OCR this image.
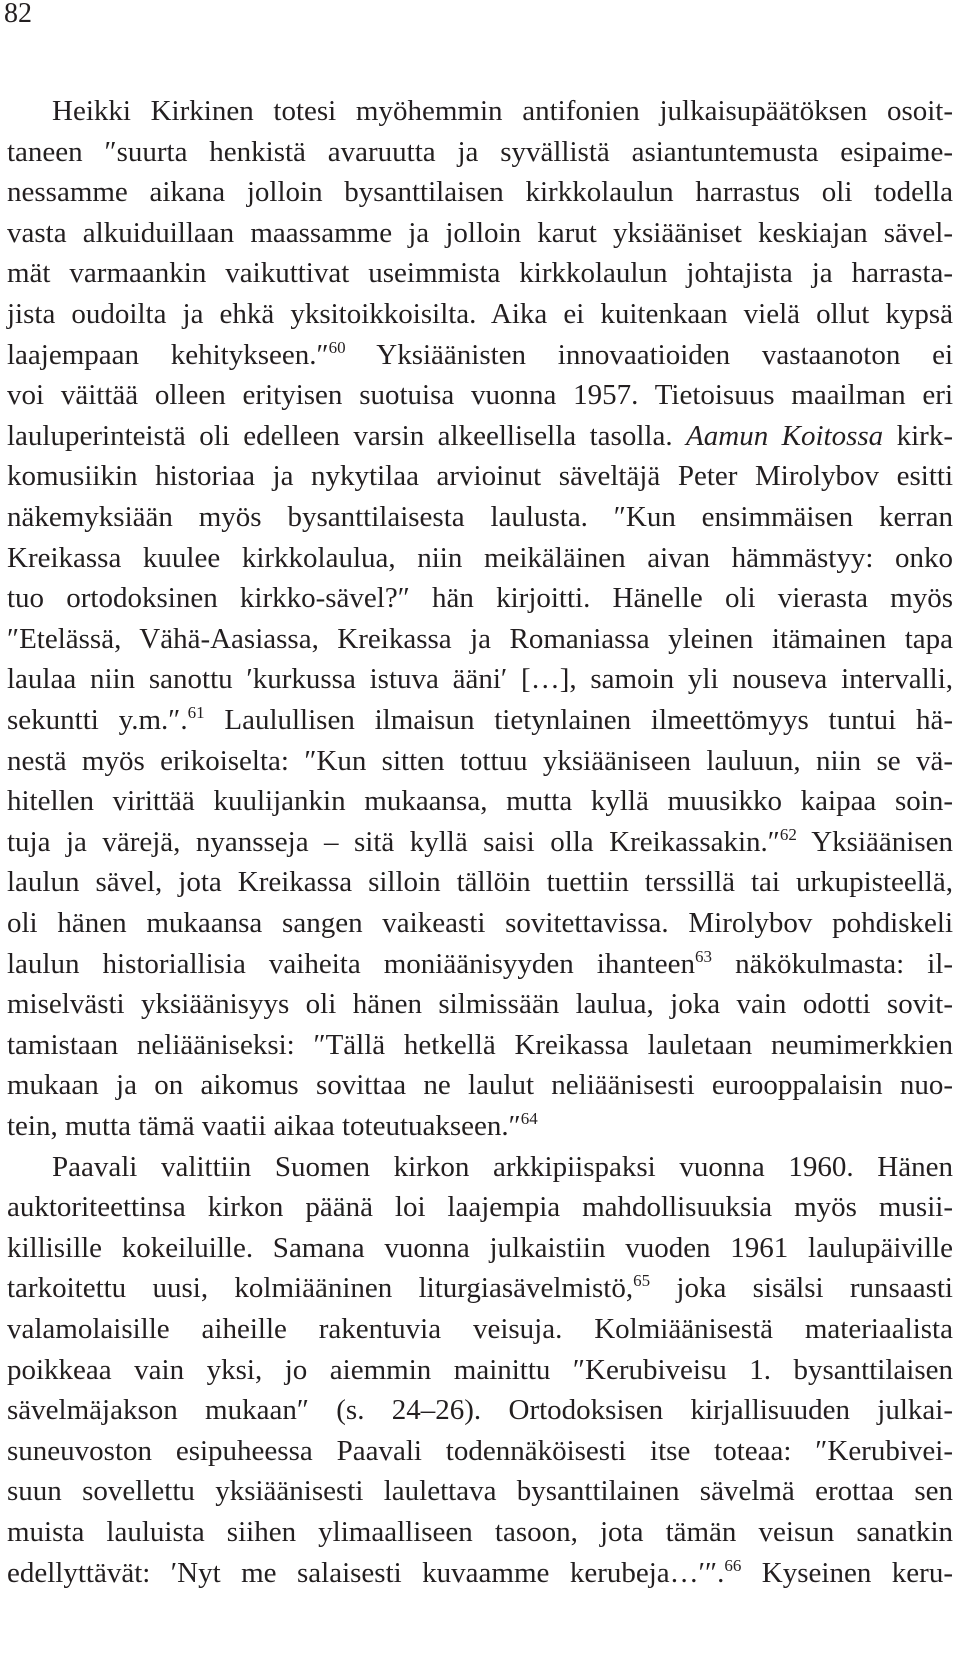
82
Heikki Kirkinen totesi myöhemmin antifonien julkaisupäätöksen osoit-
taneen ″suurta henkistä avaruutta ja syvällistä asiantuntemusta esipaime-
nessamme aikana jolloin bysanttilaisen kirkkolaulun harrastus oli todella
vasta alkuiduillaan maassamme ja jolloin karut yksiääniset keskiajan sävel-
mät varmaankin vaikuttivat useimmista kirkkolaulun johtajista ja harrasta-
jista oudoilta ja ehkä yksitoikkoisilta. Aika ei kuitenkaan vielä ollut kypsä
laajempaan kehitykseen.″$^{60}$ Yksiäänisten innovaatioiden vastaanoton ei
voi väittää olleen erityisen suotuisa vuonna 1957. Tietoisuus maailman eri
lauluperinteistä oli edelleen varsin alkeellisella tasolla. Aamun Koitossa kirk-
komusiikin historiaa ja nykytilaa arvioinut säveltäjä Peter Mirolybov esitti
näkemyksiään myös bysanttilaisesta laulusta. ″Kun ensimmäisen kerran
Kreikassa kuulee kirkkolaulua, niin meikäläinen aivan hämmästyy: onko
tuo ortodoksinen kirkko-sävel?″ hän kirjoitti. Hänelle oli vierasta myös
″Etelässä, Vähä-Aasiassa, Kreikassa ja Romaniassa yleinen itämainen tapa
laulaa niin sanottu ′kurkussa istuva ääni′ […], samoin yli nouseva intervalli,
sekuntti y.m.″.$^{61}$ Laulullisen ilmaisun tietynlainen ilmeettömyys tuntui hä-
nestä myös erikoiselta: ″Kun sitten tottuu yksiääniseen lauluun, niin se vä-
hitellen virittää kuulijankin mukaansa, mutta kyllä muusikko kaipaa soin-
tuja ja värejä, nyansseja – sitä kyllä saisi olla Kreikassakin.″$^{62}$ Yksiäänisen
laulun sävel, jota Kreikassa silloin tällöin tuettiin terssillä tai urkupisteellä,
oli hänen mukaansa sangen vaikeasti sovitettavissa. Mirolybov pohdiskeli
laulun historiallisia vaiheita moniäänisyyden ihanteen$^{63}$ näkökulmasta: il-
miselvästi yksiäänisyys oli hänen silmissään laulua, joka vain odotti sovit-
tamistaan neliääniseksi: ″Tällä hetkellä Kreikassa lauletaan neumimerkkien
mukaan ja on aikomus sovittaa ne laulut neliäänisesti eurooppalaisin nuo-
tein, mutta tämä vaatii aikaa toteutuakseen.″$^{64}$
Paavali valittiin Suomen kirkon arkkipiispaksi vuonna 1960. Hänen
auktoriteettinsa kirkon päänä loi laajempia mahdollisuuksia myös musii-
killisille kokeiluille. Samana vuonna julkaistiin vuoden 1961 laulupäiville
tarkoitettu uusi, kolmiääninen liturgiasävelmistö,$^{65}$ joka sisälsi runsaasti
valamolaisille aiheille rakentuvia veisuja. Kolmiäänisestä materiaalista
poikkeaa vain yksi, jo aiemmin mainittu ″Kerubiveisu 1. bysanttilaisen
sävelmäjakson mukaan″ (s. 24–26). Ortodoksisen kirjallisuuden julkai-
suneuvoston esipuheessa Paavali todennäköisesti itse toteaa: ″Kerubivei-
suun sovellettu yksiäänisesti laulettava bysanttilainen sävelmä erottaa sen
muista lauluista siihen ylimaalliseen tasoon, jota tämän veisun sanatkin
edellyttävät: ′Nyt me salaisesti kuvaamme kerubeja…′″.$^{66}$ Kyseinen keru-
